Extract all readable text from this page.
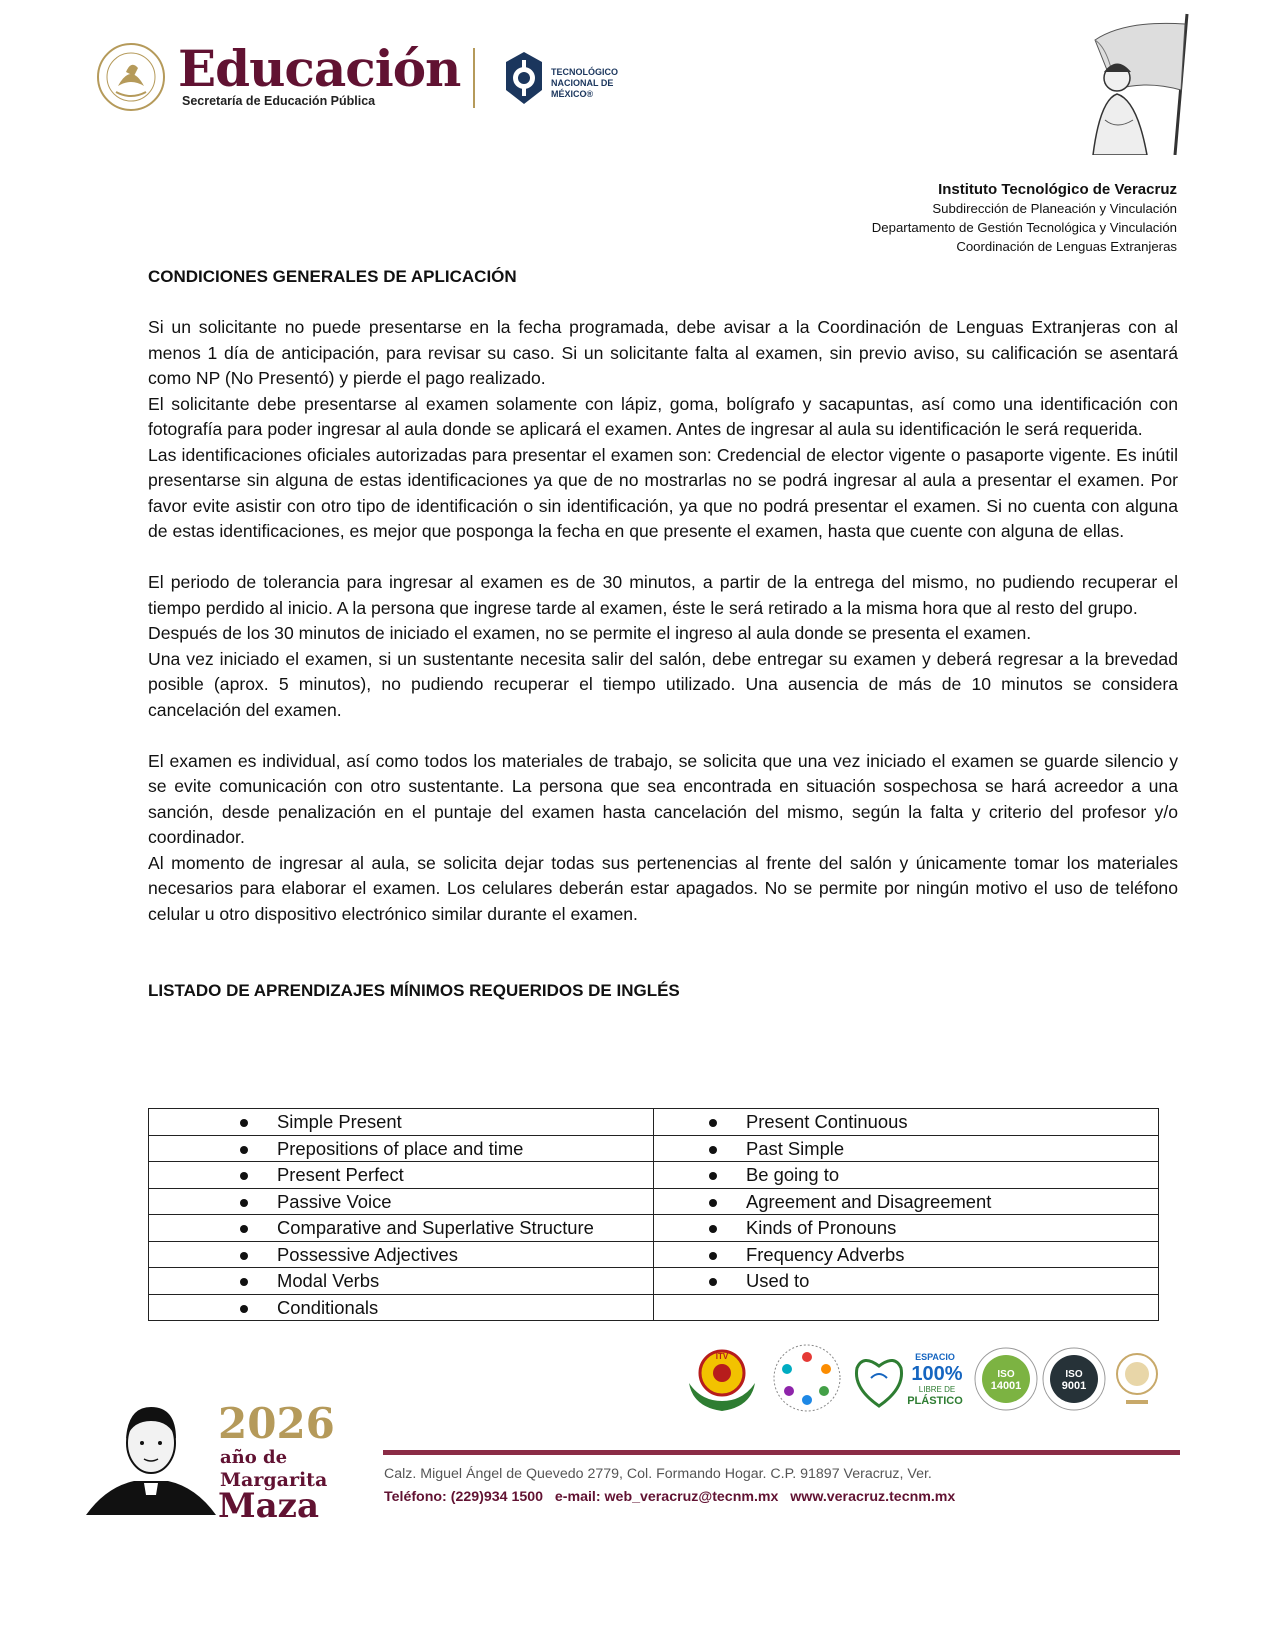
Educación
Secretaría de Educación Pública
TECNOLÓGICO
NACIONAL DE MÉXICO®
Instituto Tecnológico de Veracruz
Subdirección de Planeación y Vinculación
Departamento de Gestión Tecnológica y Vinculación
Coordinación de Lenguas Extranjeras
CONDICIONES GENERALES DE APLICACIÓN

Si un solicitante no puede presentarse en la fecha programada, debe avisar a la Coordinación de Lenguas Extranjeras con al menos 1 día de anticipación, para revisar su caso. Si un solicitante falta al examen, sin previo aviso, su calificación se asentará como NP (No Presentó) y pierde el pago realizado.

El solicitante debe presentarse al examen solamente con lápiz, goma, bolígrafo y sacapuntas, así como una identificación con fotografía para poder ingresar al aula donde se aplicará el examen. Antes de ingresar al aula su identificación le será requerida.

Las identificaciones oficiales autorizadas para presentar el examen son: Credencial de elector vigente o pasaporte vigente. Es inútil presentarse sin alguna de estas identificaciones ya que de no mostrarlas no se podrá ingresar al aula a presentar el examen. Por favor evite asistir con otro tipo de identificación o sin identificación, ya que no podrá presentar el examen. Si no cuenta con alguna de estas identificaciones, es mejor que posponga la fecha en que presente el examen, hasta que cuente con alguna de ellas.

El periodo de tolerancia para ingresar al examen es de 30 minutos, a partir de la entrega del mismo, no pudiendo recuperar el tiempo perdido al inicio. A la persona que ingrese tarde al examen, éste le será retirado a la misma hora que al resto del grupo.

Después de los 30 minutos de iniciado el examen, no se permite el ingreso al aula donde se presenta el examen.

Una vez iniciado el examen, si un sustentante necesita salir del salón, debe entregar su examen y deberá regresar a la brevedad posible (aprox. 5 minutos), no pudiendo recuperar el tiempo utilizado. Una ausencia de más de 10 minutos se considera cancelación del examen.

El examen es individual, así como todos los materiales de trabajo, se solicita que una vez iniciado el examen se guarde silencio y se evite comunicación con otro sustentante. La persona que sea encontrada en situación sospechosa se hará acreedor a una sanción, desde penalización en el puntaje del examen hasta cancelación del mismo, según la falta y criterio del profesor y/o coordinador.

Al momento de ingresar al aula, se solicita dejar todas sus pertenencias al frente del salón y únicamente tomar los materiales necesarios para elaborar el examen. Los celulares deberán estar apagados. No se permite por ningún motivo el uso de teléfono celular u otro dispositivo electrónico similar durante el examen.

LISTADO DE APRENDIZAJES MÍNIMOS REQUERIDOS DE INGLÉS
Simple Present	Present Continuous
Prepositions of place and time	Past Simple
Present Perfect	Be going to
Passive Voice	Agreement and Disagreement
Comparative and Superlative Structure	Kinds of Pronouns
Possessive Adjectives	Frequency Adverbs
Modal Verbs	Used to
Conditionals	
2026
año de
Margarita
Maza
ITV	ESPACIO
100%
LIBRE DE
PLÁSTICO
ISO
14001
ISO
9001
Calz. Miguel Ángel de Quevedo 2779, Col. Formando Hogar. C.P. 91897 Veracruz, Ver.
Teléfono: (229)934 1500   e-mail: web_veracruz@tecnm.mx   www.veracruz.tecnm.mx
